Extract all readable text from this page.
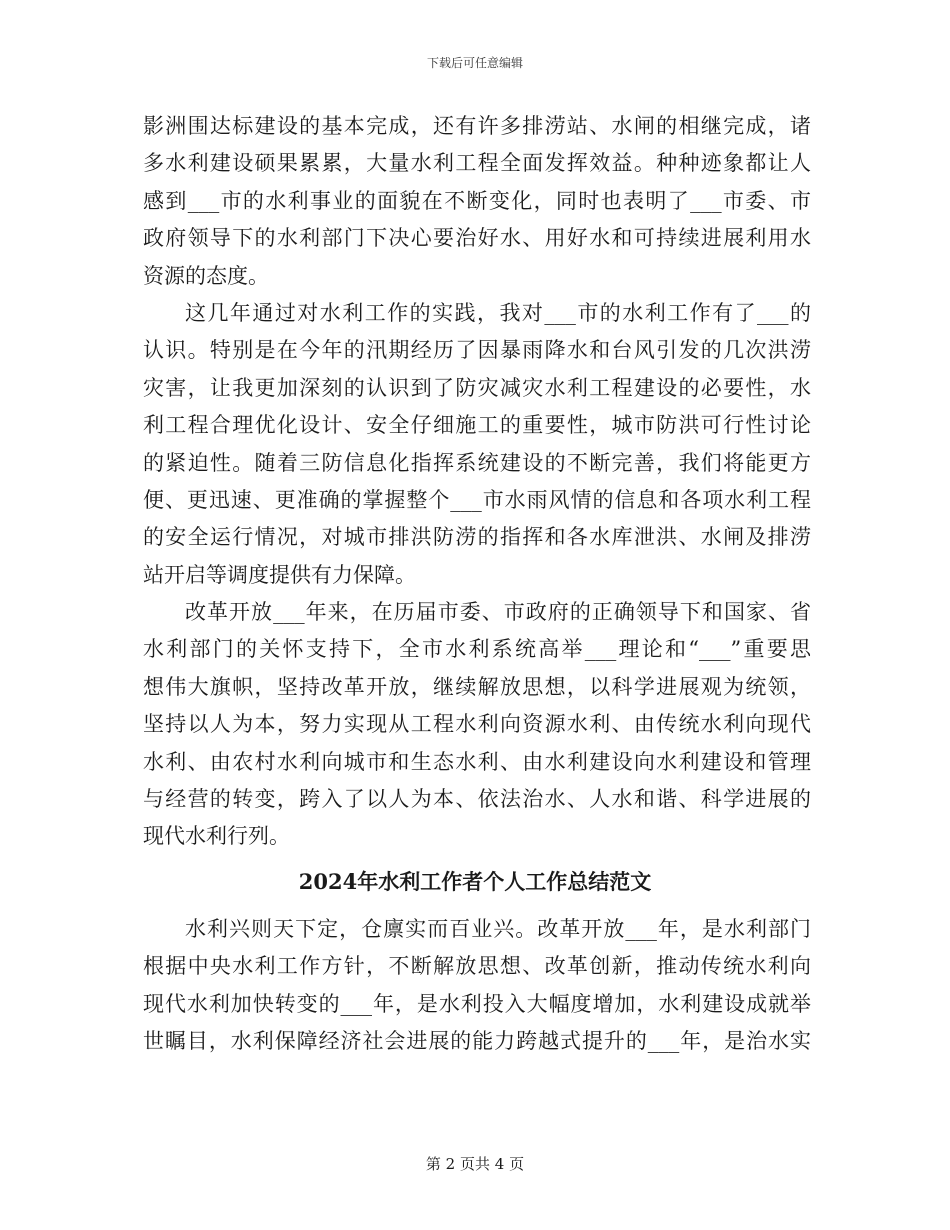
下载后可任意编辑
影洲围达标建设的基本完成，还有许多排涝站、水闸的相继完成，诸
多水利建设硕果累累，大量水利工程全面发挥效益。种种迹象都让人
感到___市的水利事业的面貌在不断变化，同时也表明了___市委、市
政府领导下的水利部门下决心要治好水、用好水和可持续进展利用水
资源的态度。
这几年通过对水利工作的实践，我对___市的水利工作有了___的
认识。特别是在今年的汛期经历了因暴雨降水和台风引发的几次洪涝
灾害，让我更加深刻的认识到了防灾减灾水利工程建设的必要性，水
利工程合理优化设计、安全仔细施工的重要性，城市防洪可行性讨论
的紧迫性。随着三防信息化指挥系统建设的不断完善，我们将能更方
便、更迅速、更准确的掌握整个___市水雨风情的信息和各项水利工程
的安全运行情况，对城市排洪防涝的指挥和各水库泄洪、水闸及排涝
站开启等调度提供有力保障。
改革开放___年来，在历届市委、市政府的正确领导下和国家、省
水利部门的关怀支持下，全市水利系统高举___理论和“___”重要思
想伟大旗帜，坚持改革开放，继续解放思想，以科学进展观为统领，
坚持以人为本，努力实现从工程水利向资源水利、由传统水利向现代
水利、由农村水利向城市和生态水利、由水利建设向水利建设和管理
与经营的转变，跨入了以人为本、依法治水、人水和谐、科学进展的
现代水利行列。
2024年水利工作者个人工作总结范文
水利兴则天下定，仓廪实而百业兴。改革开放___年，是水利部门
根据中央水利工作方针，不断解放思想、改革创新，推动传统水利向
现代水利加快转变的___年，是水利投入大幅度增加，水利建设成就举
世瞩目，水利保障经济社会进展的能力跨越式提升的___年，是治水实
第 2 页共 4 页
